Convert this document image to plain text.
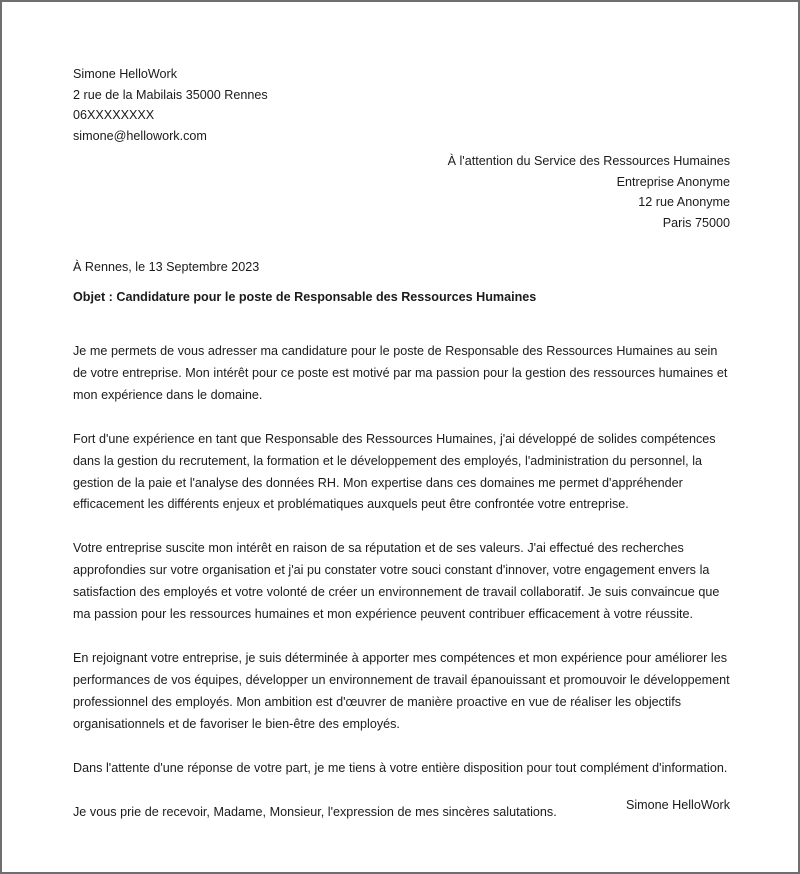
Simone HelloWork
2 rue de la Mabilais 35000 Rennes
06XXXXXXXX
simone@hellowork.com
À l'attention du Service des Ressources Humaines
Entreprise Anonyme
12 rue Anonyme
Paris 75000
À Rennes, le 13 Septembre 2023
Objet : Candidature pour le poste de Responsable des Ressources Humaines

Je me permets de vous adresser ma candidature pour le poste de Responsable des Ressources Humaines au sein de votre entreprise. Mon intérêt pour ce poste est motivé par ma passion pour la gestion des ressources humaines et mon expérience dans le domaine.

Fort d'une expérience en tant que Responsable des Ressources Humaines, j'ai développé de solides compétences dans la gestion du recrutement, la formation et le développement des employés, l'administration du personnel, la gestion de la paie et l'analyse des données RH. Mon expertise dans ces domaines me permet d'appréhender efficacement les différents enjeux et problématiques auxquels peut être confrontée votre entreprise.

Votre entreprise suscite mon intérêt en raison de sa réputation et de ses valeurs. J'ai effectué des recherches approfondies sur votre organisation et j'ai pu constater votre souci constant d'innover, votre engagement envers la satisfaction des employés et votre volonté de créer un environnement de travail collaboratif. Je suis convaincue que ma passion pour les ressources humaines et mon expérience peuvent contribuer efficacement à votre réussite.

En rejoignant votre entreprise, je suis déterminée à apporter mes compétences et mon expérience pour améliorer les performances de vos équipes, développer un environnement de travail épanouissant et promouvoir le développement professionnel des employés. Mon ambition est d'œuvrer de manière proactive en vue de réaliser les objectifs organisationnels et de favoriser le bien-être des employés.

Dans l'attente d'une réponse de votre part, je me tiens à votre entière disposition pour tout complément d'information.

Je vous prie de recevoir, Madame, Monsieur, l'expression de mes sincères salutations.	Simone HelloWork
